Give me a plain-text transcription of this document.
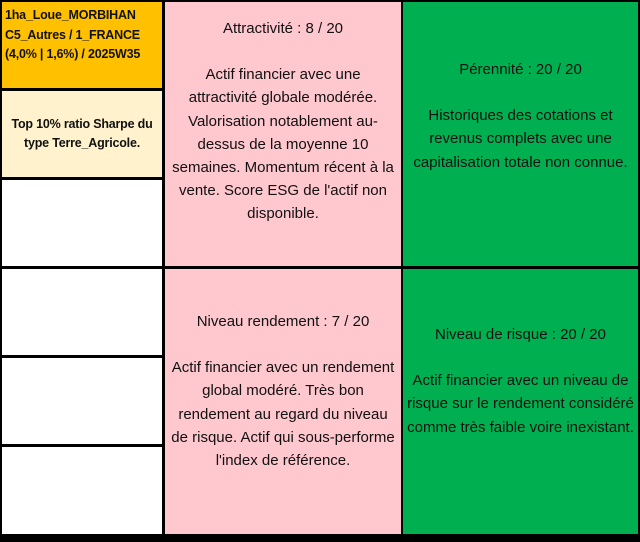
1ha_Loue_MORBIHAN
C5_Autres / 1_FRANCE
(4,0% | 1,6%) / 2025W35
Top 10% ratio Sharpe du type Terre_Agricole.
Attractivité : 8 / 20
Actif financier avec une attractivité globale modérée. Valorisation notablement au-dessus de la moyenne 10 semaines. Momentum récent à la vente. Score ESG de l'actif non disponible.
Niveau rendement : 7 / 20
Actif financier avec un rendement global modéré. Très bon rendement au regard du niveau de risque. Actif qui sous-performe l'index de référence.
Pérennité : 20 / 20
Historiques des cotations et revenus complets avec une capitalisation totale non connue.
Niveau de risque : 20 / 20
Actif financier avec un niveau de risque sur le rendement considéré comme très faible voire inexistant.
